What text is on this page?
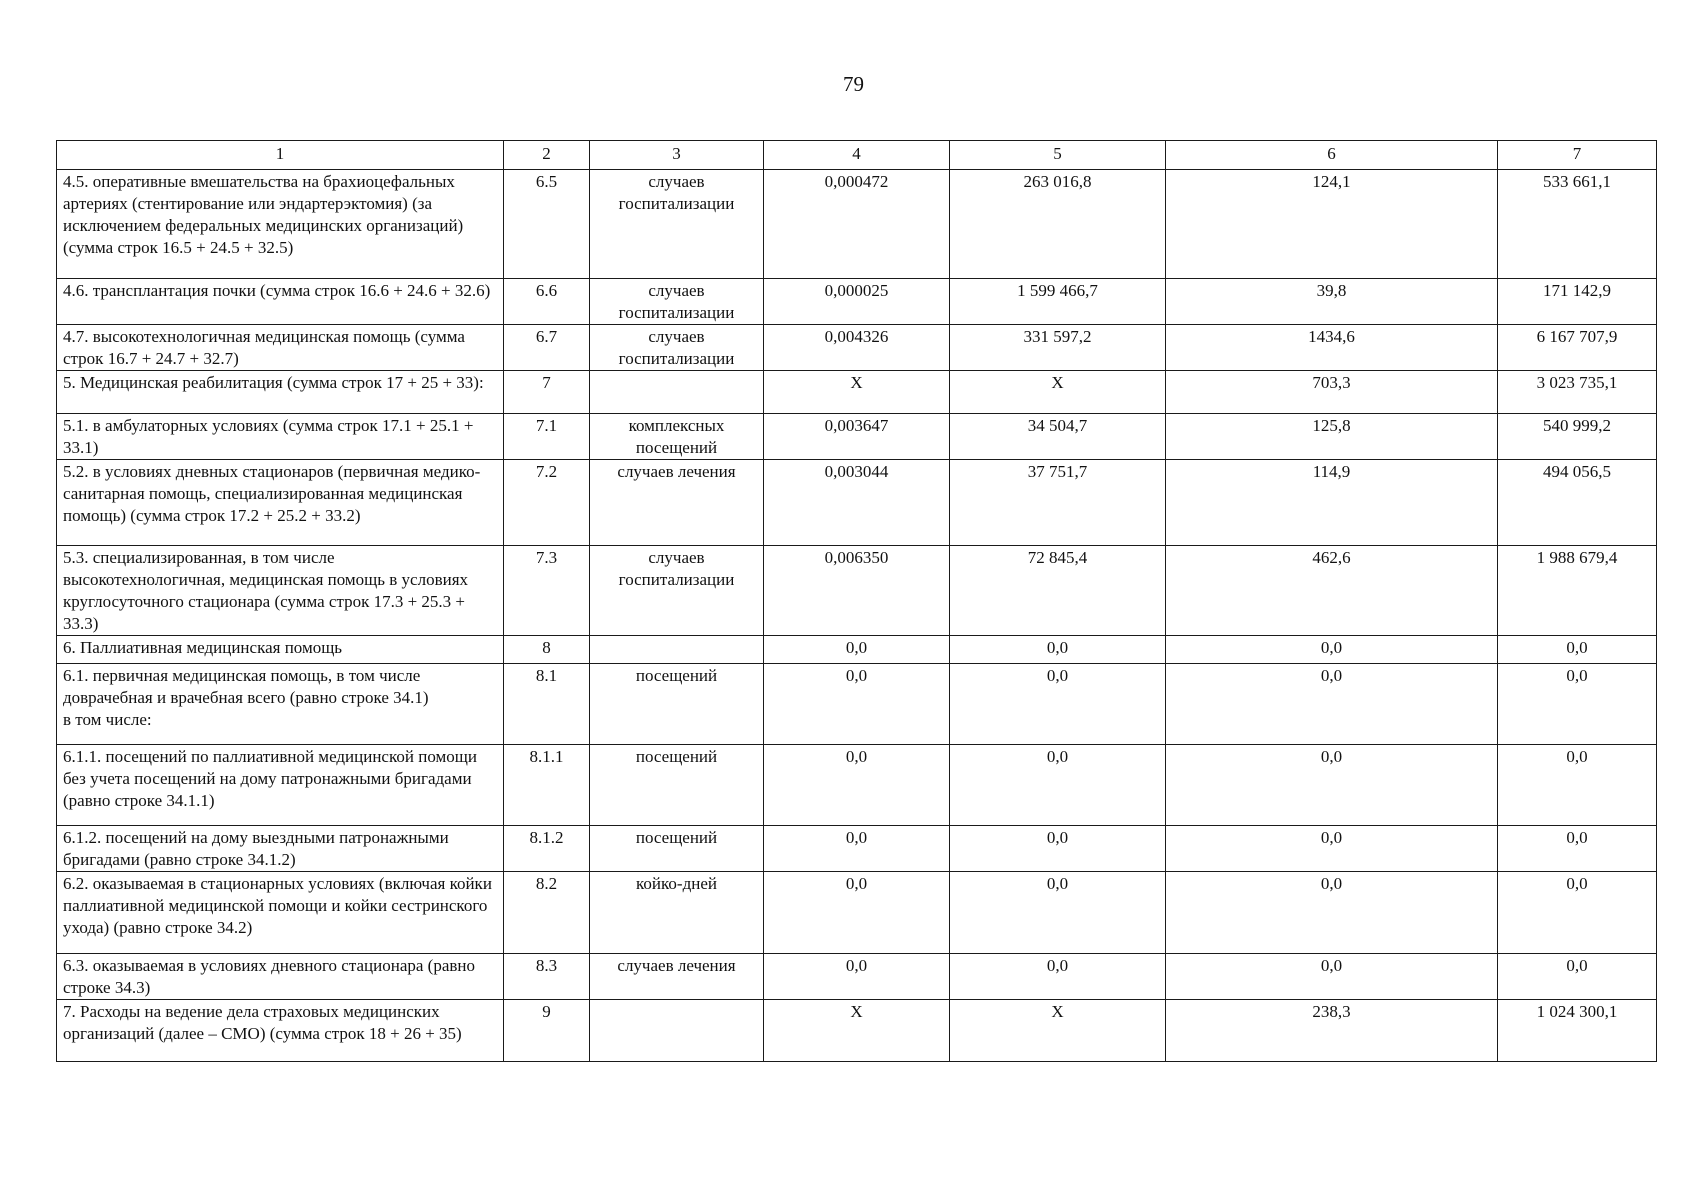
79
1	2	3	4	5	6	7
4.5. оперативные вмешательства на брахиоцефальных артериях (стентирование или эндартерэктомия) (за исключением федеральных медицинских организаций) (сумма строк 16.5 + 24.5 + 32.5)	6.5	случаев госпитализации	0,000472	263 016,8	124,1	533 661,1
4.6. трансплантация почки (сумма строк 16.6 + 24.6 + 32.6)	6.6	случаев госпитализации	0,000025	1 599 466,7	39,8	171 142,9
4.7. высокотехнологичная медицинская помощь (сумма строк 16.7 + 24.7 + 32.7)	6.7	случаев госпитализации	0,004326	331 597,2	1434,6	6 167 707,9
5. Медицинская реабилитация (сумма строк 17 + 25 + 33):	7		X	X	703,3	3 023 735,1
5.1. в амбулаторных условиях (сумма строк 17.1 + 25.1 + 33.1)	7.1	комплексных посещений	0,003647	34 504,7	125,8	540 999,2
5.2. в условиях дневных стационаров (первичная медико-санитарная помощь, специализированная медицинская помощь) (сумма строк 17.2 + 25.2 + 33.2)	7.2	случаев лечения	0,003044	37 751,7	114,9	494 056,5
5.3. специализированная, в том числе высокотехнологичная, медицинская помощь в условиях круглосуточного стационара (сумма строк 17.3 + 25.3 + 33.3)	7.3	случаев госпитализации	0,006350	72 845,4	462,6	1 988 679,4
6. Паллиативная медицинская помощь	8		0,0	0,0	0,0	0,0
6.1. первичная медицинская помощь, в том числе доврачебная и врачебная всего (равно строке 34.1)
в том числе:	8.1	посещений	0,0	0,0	0,0	0,0
6.1.1. посещений по паллиативной медицинской помощи без учета посещений на дому патронажными бригадами
(равно строке 34.1.1)	8.1.1	посещений	0,0	0,0	0,0	0,0
6.1.2. посещений на дому выездными патронажными бригадами (равно строке 34.1.2)	8.1.2	посещений	0,0	0,0	0,0	0,0
6.2. оказываемая в стационарных условиях (включая койки паллиативной медицинской помощи и койки сестринского ухода) (равно строке 34.2)	8.2	койко-дней	0,0	0,0	0,0	0,0
6.3. оказываемая в условиях дневного стационара (равно строке 34.3)	8.3	случаев лечения	0,0	0,0	0,0	0,0
7. Расходы на ведение дела страховых медицинских организаций (далее – СМО) (сумма строк 18 + 26 + 35)	9		X	X	238,3	1 024 300,1
